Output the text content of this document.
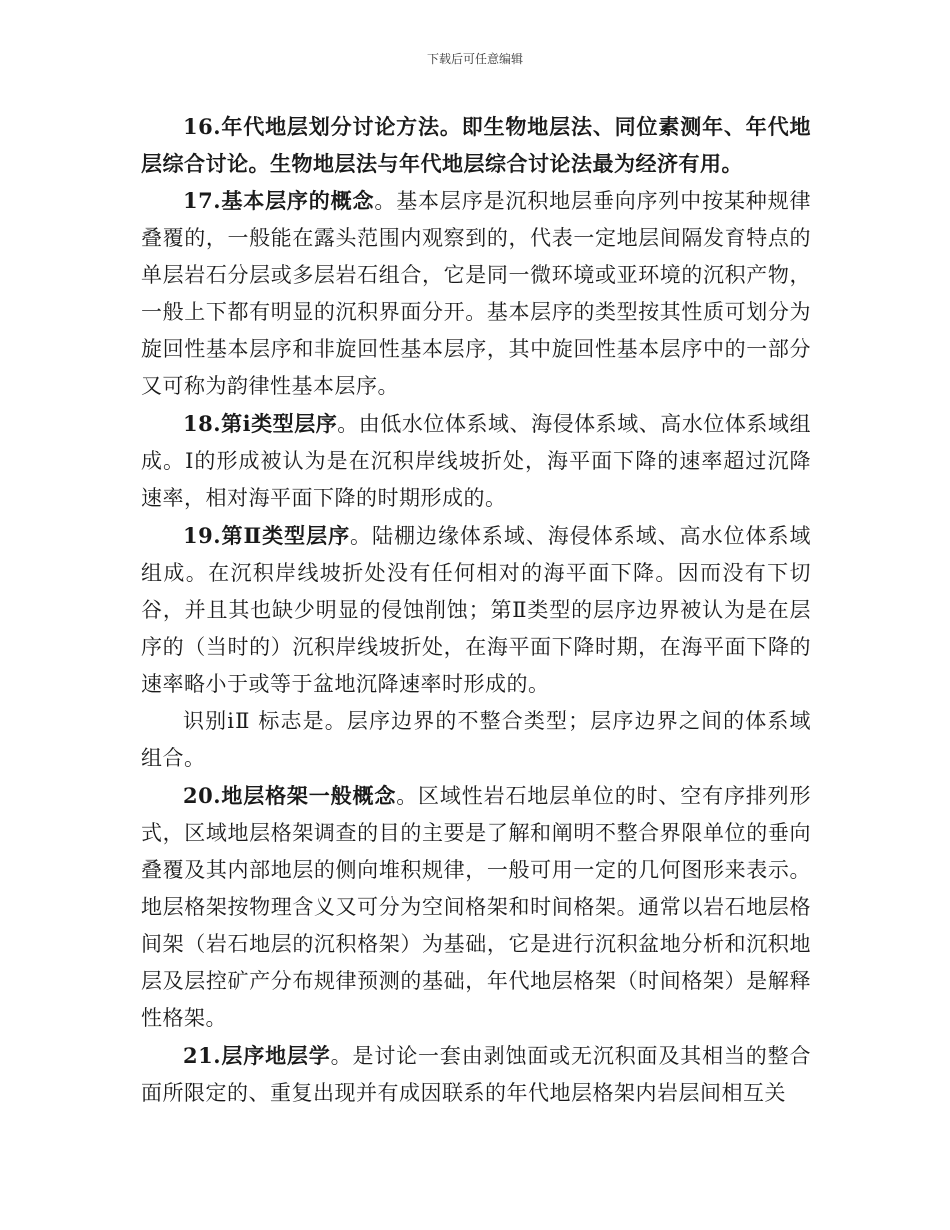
下载后可任意编辑

16.年代地层划分讨论方法。即生物地层法、同位素测年、年代地层综合讨论。生物地层法与年代地层综合讨论法最为经济有用。

17.基本层序的概念。基本层序是沉积地层垂向序列中按某种规律叠覆的，一般能在露头范围内观察到的，代表一定地层间隔发育特点的单层岩石分层或多层岩石组合，它是同一微环境或亚环境的沉积产物，一般上下都有明显的沉积界面分开。基本层序的类型按其性质可划分为旋回性基本层序和非旋回性基本层序，其中旋回性基本层序中的一部分又可称为韵律性基本层序。

18.第ⅰ类型层序。由低水位体系域、海侵体系域、高水位体系域组成。Ⅰ的形成被认为是在沉积岸线坡折处，海平面下降的速率超过沉降速率，相对海平面下降的时期形成的。

19.第Ⅱ类型层序。陆棚边缘体系域、海侵体系域、高水位体系域组成。在沉积岸线坡折处没有任何相对的海平面下降。因而没有下切谷，并且其也缺少明显的侵蚀削蚀；第Ⅱ类型的层序边界被认为是在层序的（当时的）沉积岸线坡折处，在海平面下降时期，在海平面下降的速率略小于或等于盆地沉降速率时形成的。

识别ⅰⅡ 标志是。层序边界的不整合类型；层序边界之间的体系域组合。

20.地层格架一般概念。区域性岩石地层单位的时、空有序排列形式，区域地层格架调查的目的主要是了解和阐明不整合界限单位的垂向叠覆及其内部地层的侧向堆积规律，一般可用一定的几何图形来表示。地层格架按物理含义又可分为空间格架和时间格架。通常以岩石地层格间架（岩石地层的沉积格架）为基础，它是进行沉积盆地分析和沉积地层及层控矿产分布规律预测的基础，年代地层格架（时间格架）是解释性格架。

21.层序地层学。是讨论一套由剥蚀面或无沉积面及其相当的整合面所限定的、重复出现并有成因联系的年代地层格架内岩层间相互关
